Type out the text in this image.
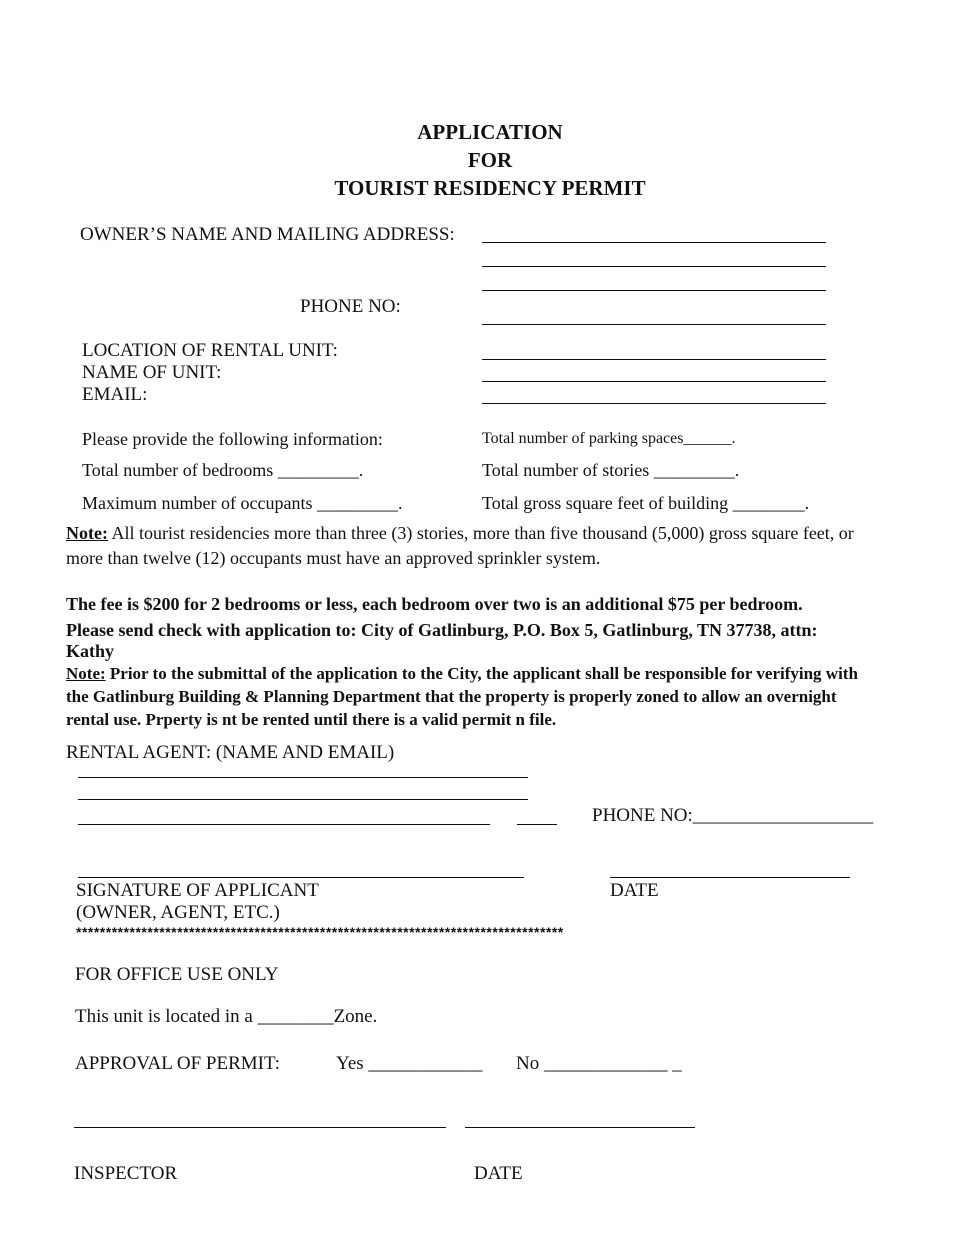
APPLICATION
FOR
TOURIST RESIDENCY PERMIT
OWNER’S NAME AND MAILING ADDRESS:
PHONE NO:
LOCATION OF RENTAL UNIT:
NAME OF UNIT:
EMAIL:
Please provide the following information:	Total number of parking spaces______.
Total number of bedrooms _________.	Total number of stories _________.
Maximum number of occupants _________.	Total gross square feet of building ________.
Note: All tourist residencies more than three (3) stories, more than five thousand (5,000) gross square feet, or more than twelve (12) occupants must have an approved sprinkler system.
The fee is $200 for 2 bedrooms or less, each bedroom over two is an additional $75 per bedroom.
Please send check with application to: City of Gatlinburg, P.O. Box 5, Gatlinburg, TN 37738, attn:
Kathy
Note: Prior to the submittal of the application to the City, the applicant shall be responsible for verifying with the Gatlinburg Building & Planning Department that the property is properly zoned to allow an overnight rental use. Prperty is nt be rented until there is a valid permit n file.
RENTAL AGENT: (NAME AND EMAIL)
PHONE NO:___________________
SIGNATURE OF APPLICANT
(OWNER, AGENT, ETC.)
DATE
**********************************************************************************
FOR OFFICE USE ONLY
This unit is located in a ________Zone.
APPROVAL OF PERMIT:	Yes ____________ No _____________ _
INSPECTOR	DATE
